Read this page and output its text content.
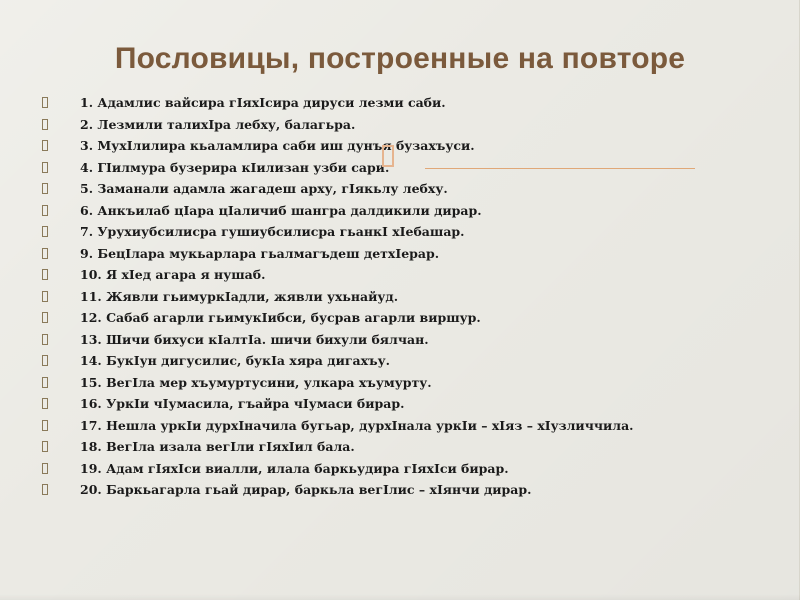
Пословицы, построенные на повторе
1. Адамлис вайсира гІяхІсира дируси лезми саби.
2. Лезмили талихІра лебху, балагьра.
3. МухІлилира кьаламлира саби иш дунъя бузахъуси.
4. ГІилмура бузерира кІилизан узби сари.
5. Заманали адамла жагадеш арху, гІякьлу лебху.
6. Анкъилаб цІара цІаличиб шангра далдикили дирар.
7. Урухиубсилисра гушиубсилисра гьанкІ хІебашар.
9. БецІлара мукьарлара гьалмагъдеш детхІерар.
10. Я хІед агара я нушаб.
11. Жявли гьимуркІадли, жявли ухьнайуд.
12. Сабаб агарли гьимукІибси, бусрав агарли виршур.
13. Шичи бихуси кІалтІа. шичи бихули бялчан.
14. БукІун дигусилис, букІа хяра дигахъу.
15. ВегІла мер хъумуртусини, улкара хъумурту.
16. УркІи чІумасила, гъайра чІумаси бирар.
17. Нешла уркІи дурхІначила бугьар, дурхІнала уркІи – хІяз – хІузличчила.
18. ВегІла изала вегІли гІяхІил бала.
19. Адам гІяхІси виалли, илала баркьудира гІяхІси бирар.
20. Баркьагарла гьай дирар, баркьла вегІлис – хІянчи дирар.
